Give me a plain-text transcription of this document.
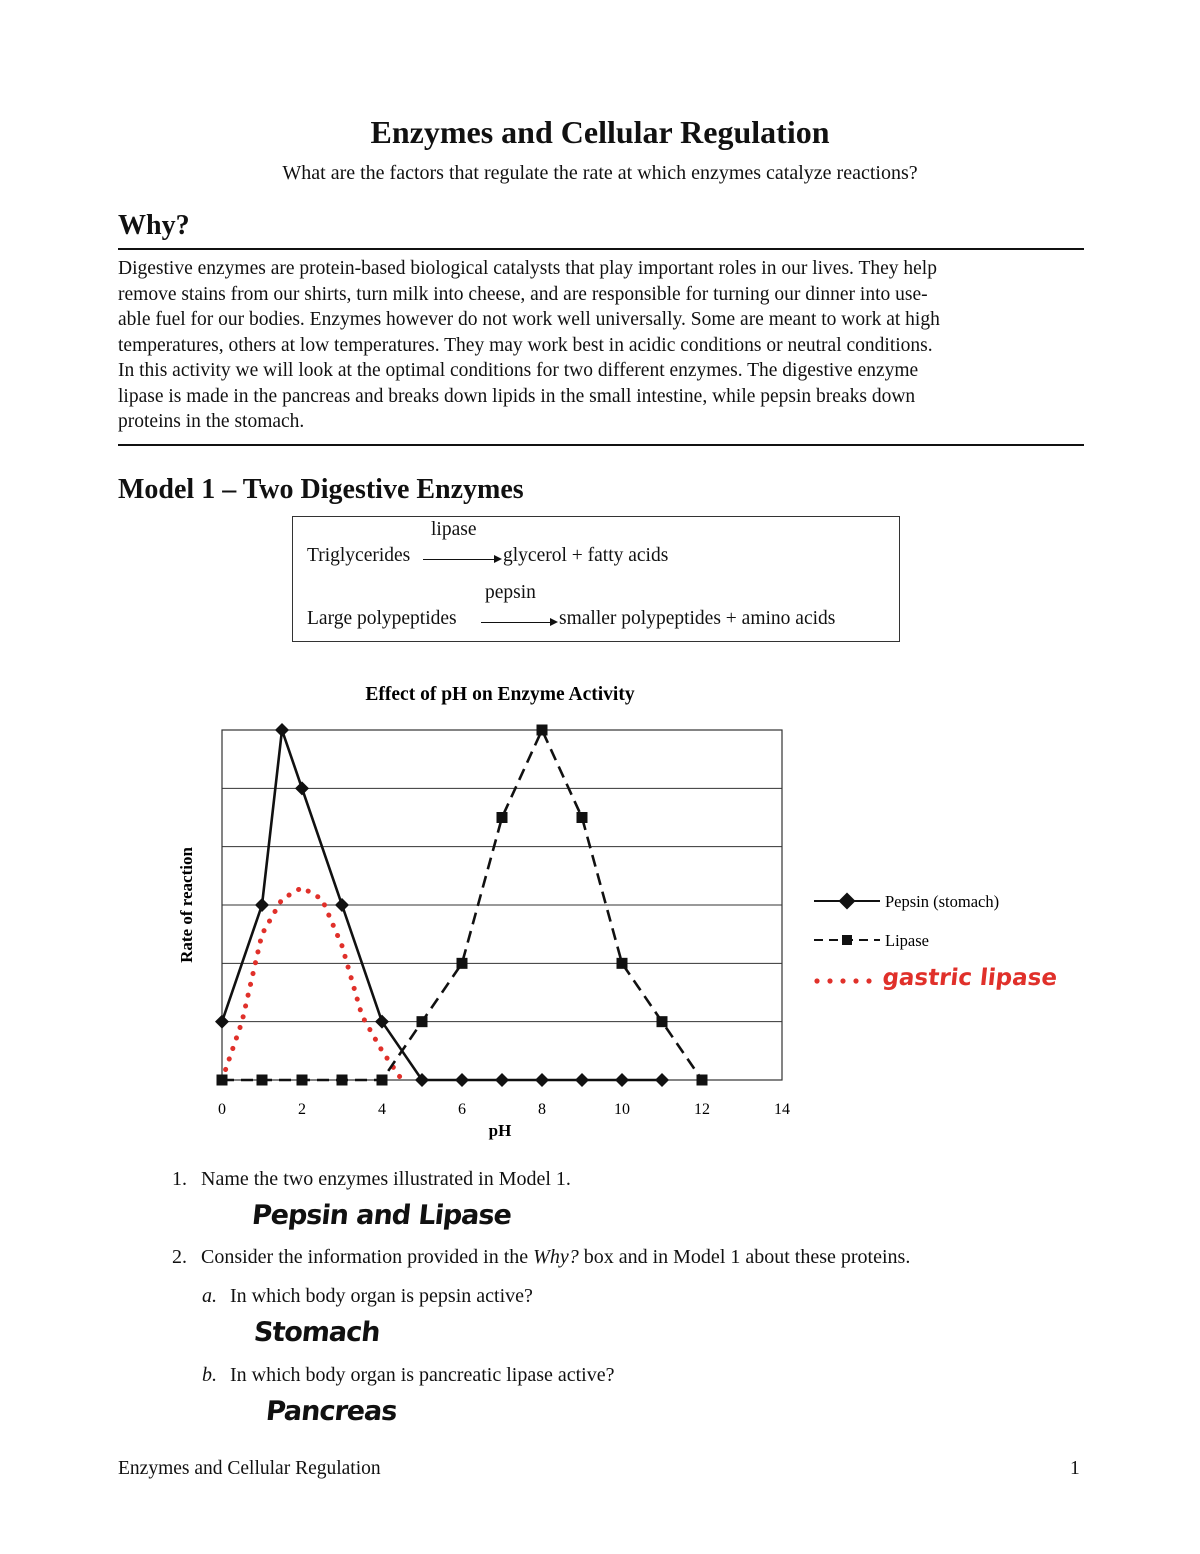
Enzymes and Cellular Regulation
What are the factors that regulate the rate at which enzymes catalyze reactions?
Why?
Digestive enzymes are protein-based biological catalysts that play important roles in our lives. They help
remove stains from our shirts, turn milk into cheese, and are responsible for turning our dinner into use-
able fuel for our bodies. Enzymes however do not work well universally. Some are meant to work at high
temperatures, others at low temperatures. They may work best in acidic conditions or neutral conditions.
In this activity we will look at the optimal conditions for two different enzymes. The digestive enzyme
lipase is made in the pancreas and breaks down lipids in the small intestine, while pepsin breaks down
proteins in the stomach.
Model 1 – Two Digestive Enzymes
lipase
Triglycerides	glycerol + fatty acids
pepsin
Large polypeptides	smaller polypeptides + amino acids
Effect of pH on Enzyme Activity
0	2	4	6	8	10	12	14
pH
Rate of reaction	Pepsin (stomach)
Lipase
gastric lipase
1. Name the two enzymes illustrated in Model 1.
Pepsin and Lipase
2. Consider the information provided in the Why? box and in Model 1 about these proteins.
a. In which body organ is pepsin active?
Stomach
b. In which body organ is pancreatic lipase active?
Pancreas
Enzymes and Cellular Regulation	1
